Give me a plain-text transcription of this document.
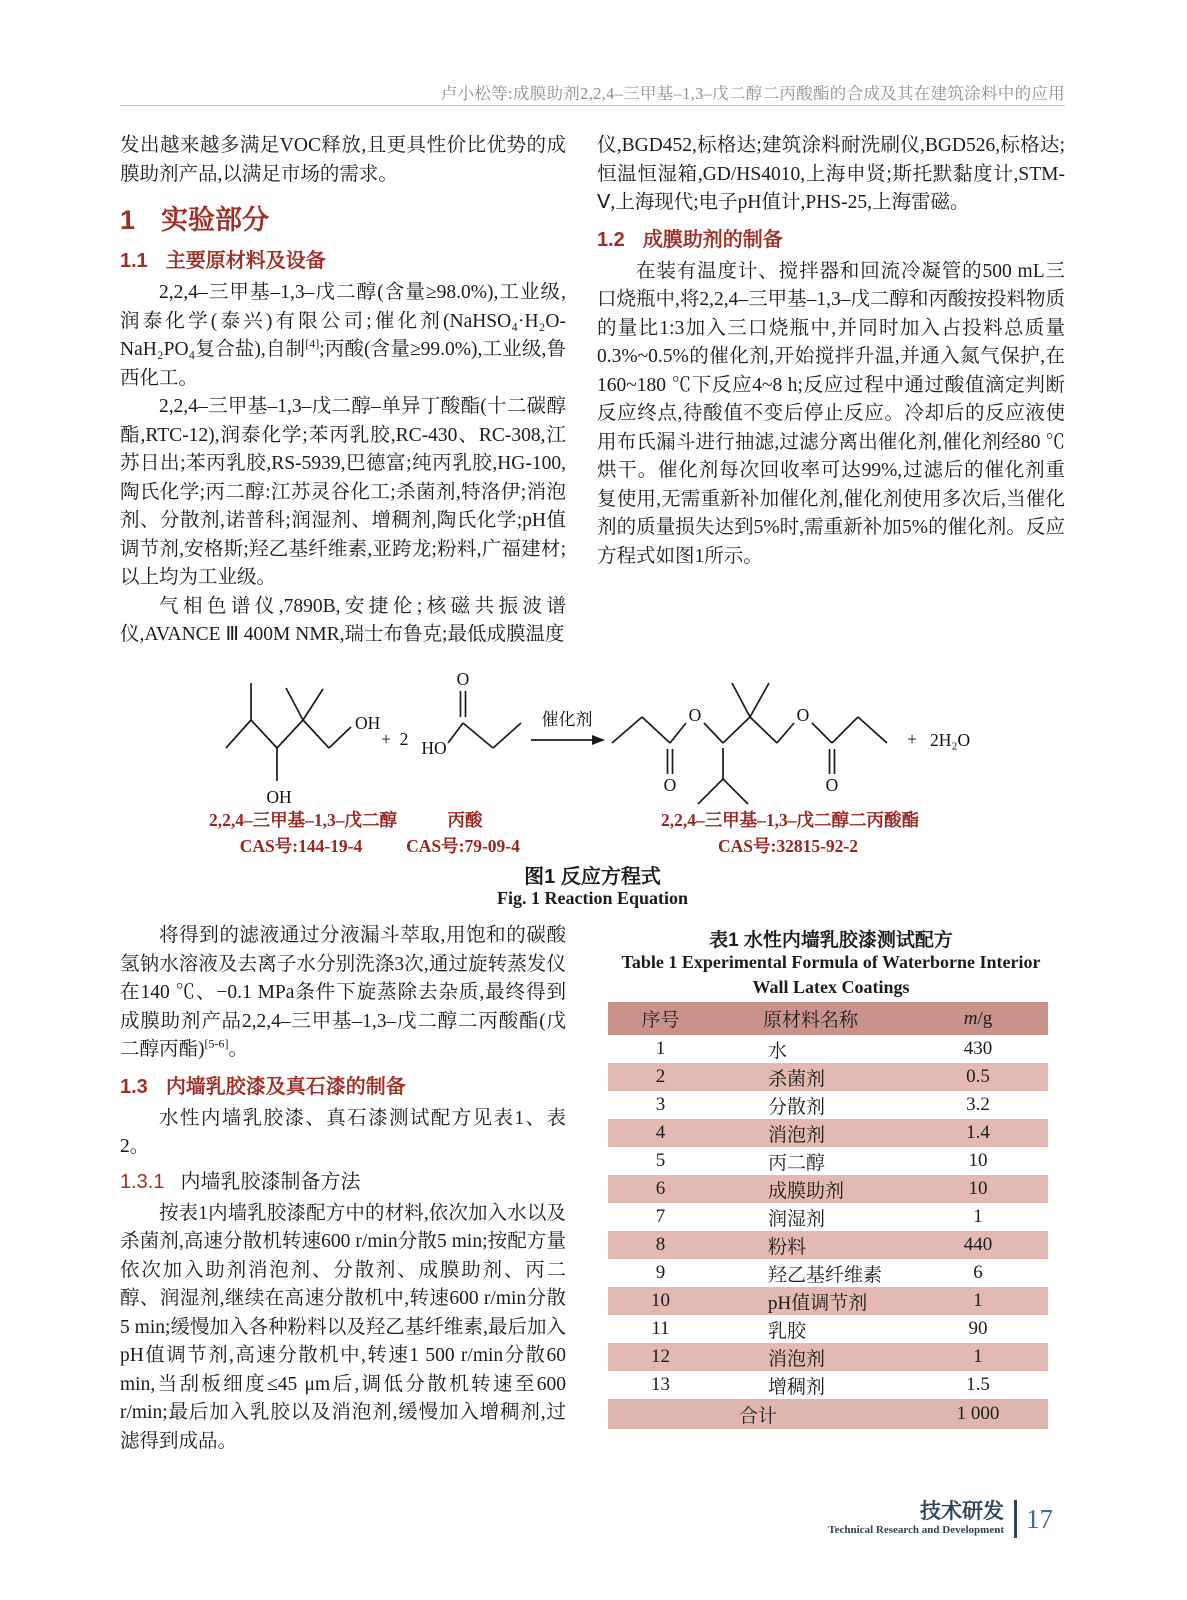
卢小松等:成膜助剂2,2,4–三甲基–1,3–戊二醇二丙酸酯的合成及其在建筑涂料中的应用

发出越来越多满足VOC释放,且更具性价比优势的成膜助剂产品,以满足市场的需求。

1 实验部分
1.1 主要原材料及设备

2,2,4–三甲基–1,3–戊二醇(含量≥98.0%),工业级,润泰化学(泰兴)有限公司;催化剂(NaHSO₄·H₂O-NaH₂PO₄复合盐),自制[4];丙酸(含量≥99.0%),工业级,鲁西化工。

2,2,4–三甲基–1,3–戊二醇–单异丁酸酯(十二碳醇酯,RTC-12),润泰化学;苯丙乳胶,RC-430、RC-308,江苏日出;苯丙乳胶,RS-5939,巴德富;纯丙乳胶,HG-100,陶氏化学;丙二醇:江苏灵谷化工;杀菌剂,特洛伊;消泡剂、分散剂,诺普科;润湿剂、增稠剂,陶氏化学;pH值调节剂,安格斯;羟乙基纤维素,亚跨龙;粉料,广福建材;以上均为工业级。

气相色谱仪,7890B,安捷伦;核磁共振波谱仪,AVANCE Ⅲ 400M NMR,瑞士布鲁克;最低成膜温度

仪,BGD452,标格达;建筑涂料耐洗刷仪,BGD526,标格达;恒温恒湿箱,GD/HS4010,上海申贤;斯托默黏度计,STM-Ⅴ,上海现代;电子pH值计,PHS-25,上海雷磁。

1.2 成膜助剂的制备

在装有温度计、搅拌器和回流冷凝管的500 mL三口烧瓶中,将2,2,4–三甲基–1,3–戊二醇和丙酸按投料物质的量比1:3加入三口烧瓶中,并同时加入占投料总质量0.3%~0.5%的催化剂,开始搅拌升温,并通入氮气保护,在160~180 ℃下反应4~8 h;反应过程中通过酸值滴定判断反应终点,待酸值不变后停止反应。冷却后的反应液使用布氏漏斗进行抽滤,过滤分离出催化剂,催化剂经80 ℃烘干。催化剂每次回收率可达99%,过滤后的催化剂重复使用,无需重新补加催化剂,催化剂使用多次后,当催化剂的质量损失达到5%时,需重新补加5%的催化剂。反应方程式如图1所示。

OH
OH
+ 2 HO
O
催化剂
O
O	O
O
+ 2H₂O
2,2,4–三甲基–1,3–戊二醇
CAS号:144-19-4
丙酸
CAS号:79-09-4
2,2,4–三甲基–1,3–戊二醇二丙酸酯
CAS号:32815-92-2
图1 反应方程式
Fig. 1 Reaction Equation

将得到的滤液通过分液漏斗萃取,用饱和的碳酸氢钠水溶液及去离子水分别洗涤3次,通过旋转蒸发仪在140 ℃、−0.1 MPa条件下旋蒸除去杂质,最终得到成膜助剂产品2,2,4–三甲基–1,3–戊二醇二丙酸酯(戊二醇丙酯)[5-6]。

1.3 内墙乳胶漆及真石漆的制备

水性内墙乳胶漆、真石漆测试配方见表1、表2。

1.3.1 内墙乳胶漆制备方法

按表1内墙乳胶漆配方中的材料,依次加入水以及杀菌剂,高速分散机转速600 r/min分散5 min;按配方量依次加入助剂消泡剂、分散剂、成膜助剂、丙二醇、润湿剂,继续在高速分散机中,转速600 r/min分散5 min;缓慢加入各种粉料以及羟乙基纤维素,最后加入pH值调节剂,高速分散机中,转速1 500 r/min分散60 min,当刮板细度≤45 μm后,调低分散机转速至600 r/min;最后加入乳胶以及消泡剂,缓慢加入增稠剂,过滤得到成品。

表1 水性内墙乳胶漆测试配方
Table 1 Experimental Formula of Waterborne Interior
Wall Latex Coatings
序号	原材料名称	m/g
1	水	430
2	杀菌剂	0.5
3	分散剂	3.2
4	消泡剂	1.4
5	丙二醇	10
6	成膜助剂	10
7	润湿剂	1
8	粉料	440
9	羟乙基纤维素	6
10	pH值调节剂	1
11	乳胶	90
12	消泡剂	1
13	增稠剂	1.5
合计		1 000
技术研发
Technical Research and Development 17
